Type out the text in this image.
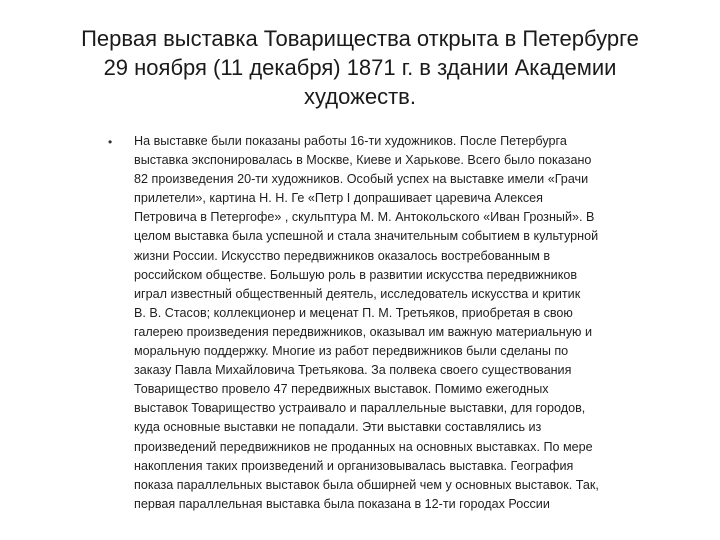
Первая выставка Товарищества открыта в Петербурге
29 ноября (11 декабря) 1871 г. в здании Академии
художеств.
• На выставке были показаны работы 16-ти художников. После Петербурга
выставка экспонировалась в Москве, Киеве и Харькове. Всего было показано
82 произведения 20-ти художников. Особый успех на выставке имели «Грачи
прилетели», картина Н. Н. Ге «Петр I допрашивает царевича Алексея
Петровича в Петергофе» , скульптура М. М. Антокольского «Иван Грозный». В
целом выставка была успешной и стала значительным событием в культурной
жизни России. Искусство передвижников оказалось востребованным в
российском обществе. Большую роль в развитии искусства передвижников
играл известный общественный деятель, исследователь искусства и критик
В. В. Стасов; коллекционер и меценат П. М. Третьяков, приобретая в свою
галерею произведения передвижников, оказывал им важную материальную и
моральную поддержку. Многие из работ передвижников были сделаны по
заказу Павла Михайловича Третьякова. За полвека своего существования
Товарищество провело 47 передвижных выставок. Помимо ежегодных
выставок Товарищество устраивало и параллельные выставки, для городов,
куда основные выставки не попадали. Эти выставки составлялись из
произведений передвижников не проданных на основных выставках. По мере
накопления таких произведений и организовывалась выставка. География
показа параллельных выставок была обширней чем у основных выставок. Так,
первая параллельная выставка была показана в 12-ти городах России
